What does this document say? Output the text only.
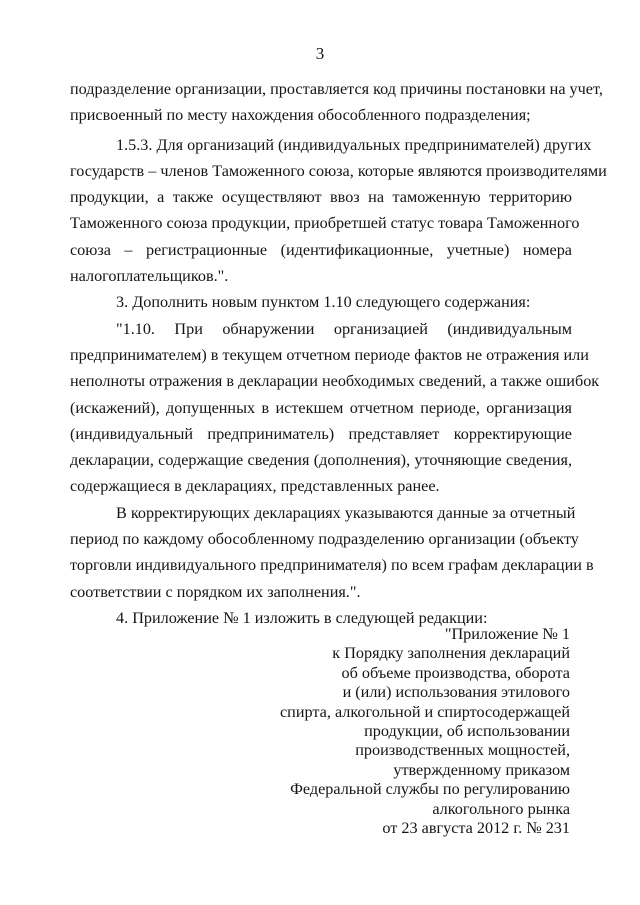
3
подразделение организации, проставляется код причины постановки на учет,
присвоенный по месту нахождения обособленного подразделения;
1.5.3. Для организаций (индивидуальных предпринимателей) других
государств – членов Таможенного союза, которые являются производителями
продукции, а также осуществляют ввоз на таможенную территорию
Таможенного союза продукции, приобретшей статус товара Таможенного
союза – регистрационные (идентификационные, учетные) номера
налогоплательщиков.".
3. Дополнить новым пунктом 1.10 следующего содержания:
"1.10. При обнаружении организацией (индивидуальным
предпринимателем) в текущем отчетном периоде фактов не отражения или
неполноты отражения в декларации необходимых сведений, а также ошибок
(искажений), допущенных в истекшем отчетном периоде, организация
(индивидуальный предприниматель) представляет корректирующие
декларации, содержащие сведения (дополнения), уточняющие сведения,
содержащиеся в декларациях, представленных ранее.
В корректирующих декларациях указываются данные за отчетный
период по каждому обособленному подразделению организации (объекту
торговли индивидуального предпринимателя) по всем графам декларации в
соответствии с порядком их заполнения.".
4. Приложение № 1 изложить в следующей редакции:
"Приложение № 1
к Порядку заполнения деклараций
об объеме производства, оборота
и (или) использования этилового
спирта, алкогольной и спиртосодержащей
продукции, об использовании
производственных мощностей,
утвержденному приказом
Федеральной службы по регулированию
алкогольного рынка
от 23 августа 2012 г. № 231
